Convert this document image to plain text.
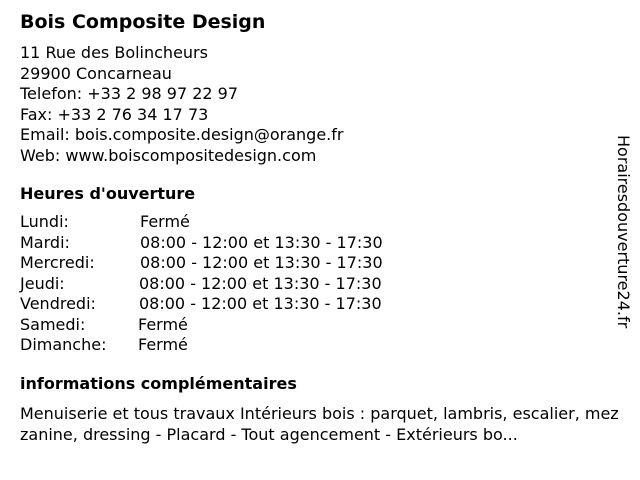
Bois Composite Design
11 Rue des Bolincheurs
29900 Concarneau
Telefon: +33 2 98 97 22 97
Fax: +33 2 76 34 17 73
Email: bois.composite.design@orange.fr
Web: www.boiscompositedesign.com
Heures d'ouverture
Lundi:	Fermé
Mardi:	08:00 - 12:00 et 13:30 - 17:30
Mercredi:	08:00 - 12:00 et 13:30 - 17:30
Jeudi:	08:00 - 12:00 et 13:30 - 17:30
Vendredi:	08:00 - 12:00 et 13:30 - 17:30
Samedi:	Fermé
Dimanche: Fermé
informations complémentaires
Menuiserie et tous travaux Intérieurs bois : parquet, lambris, escalier, mezzanine, dressing - Placard - Tout agencement - Extérieurs bo...
Horairesdouverture24.fr
